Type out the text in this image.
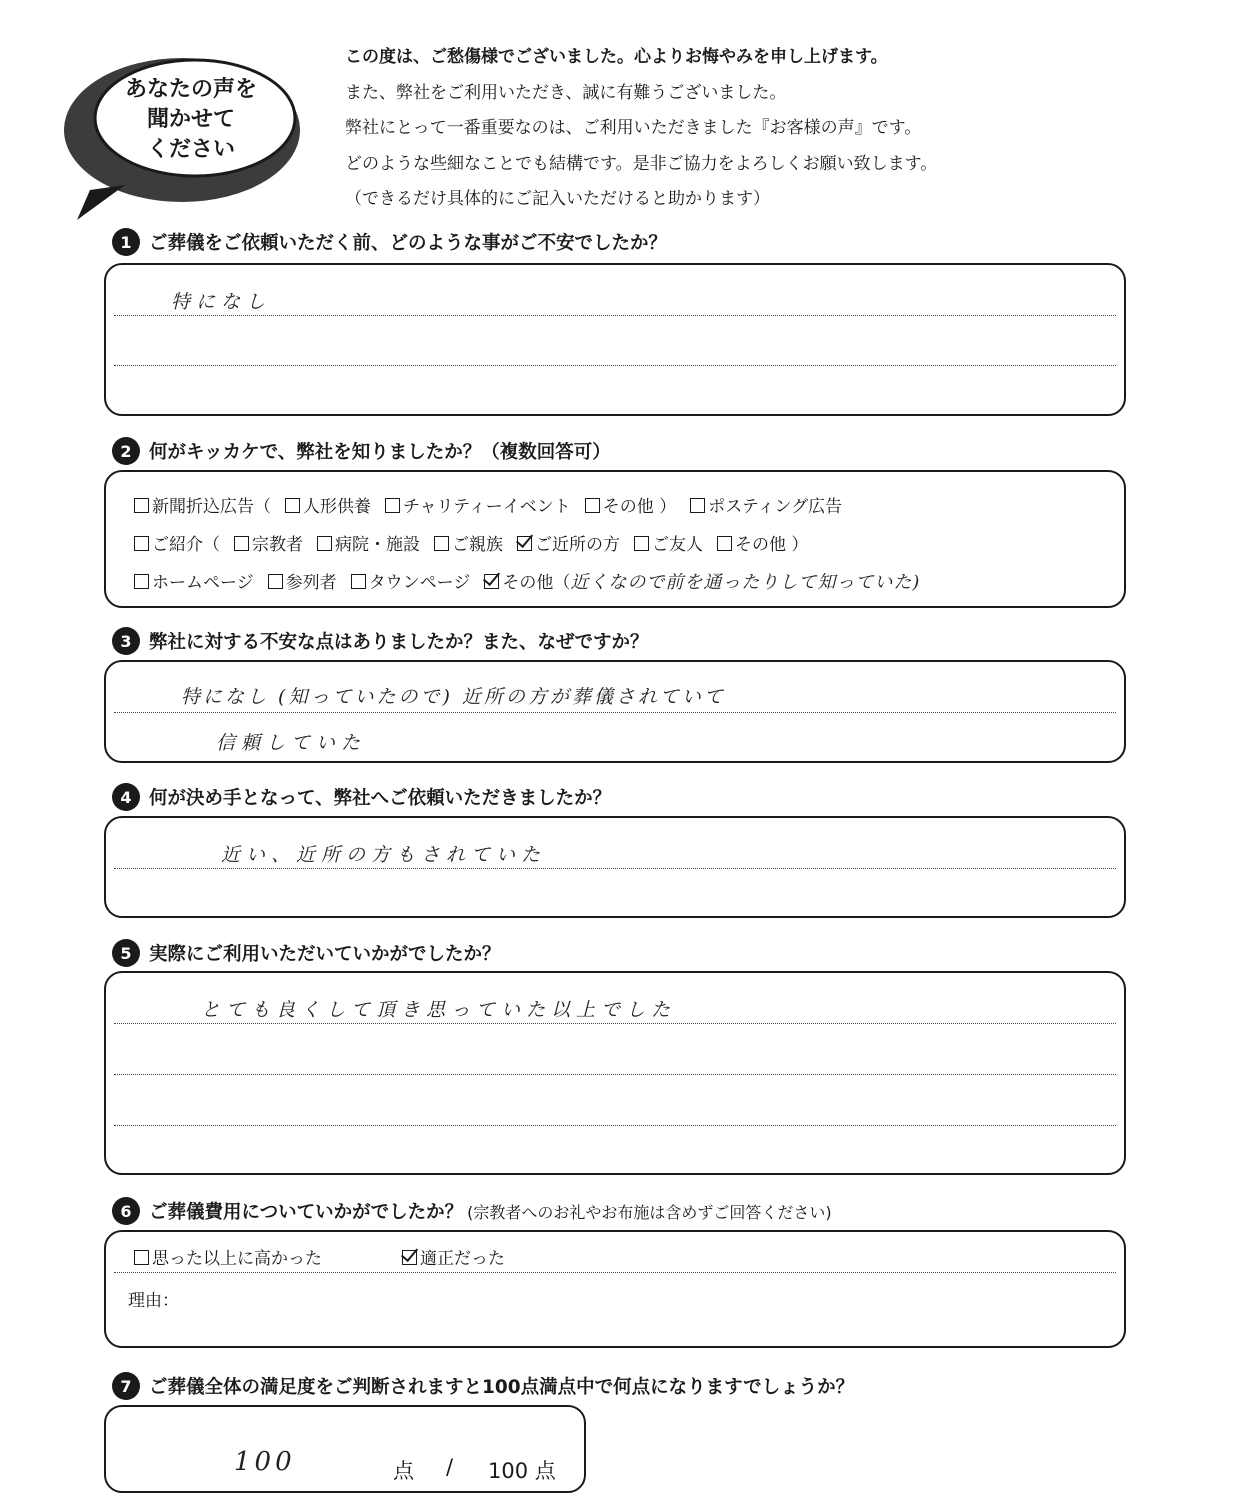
あなたの声を
聞かせて
ください
この度は、ご愁傷様でございました。心よりお悔やみを申し上げます。
また、弊社をご利用いただき、誠に有難うございました。
弊社にとって一番重要なのは、ご利用いただきました『お客様の声』です。
どのような些細なことでも結構です。是非ご協力をよろしくお願い致します。
（できるだけ具体的にご記入いただけると助かります）
1 ご葬儀をご依頼いただく前、どのような事がご不安でしたか？
特になし
2 何がキッカケで、弊社を知りましたか？（複数回答可）
新聞折込広告（	人形供養	チャリティーイベント	その他 ）	ポスティング広告
ご紹介（	宗教者	病院・施設	ご親族	ご近所の方	ご友人	その他 ）
ホームページ	参列者	タウンページ	その他（近くなので前を通ったりして知っていた)
3 弊社に対する不安な点はありましたか？また、なぜですか？
特になし (知っていたので) 近所の方が葬儀されていて
信頼していた
4 何が決め手となって、弊社へご依頼いただきましたか？
近い、近所の方もされていた
5 実際にご利用いただいていかがでしたか？
とても良くして頂き思っていた以上でした
6 ご葬儀費用についていかがでしたか？ (宗教者へのお礼やお布施は含めずご回答ください)
思った以上に高かった	適正だった
理由：
7 ご葬儀全体の満足度をご判断されますと100点満点中で何点になりますでしょうか？
100	点 / 100 点
